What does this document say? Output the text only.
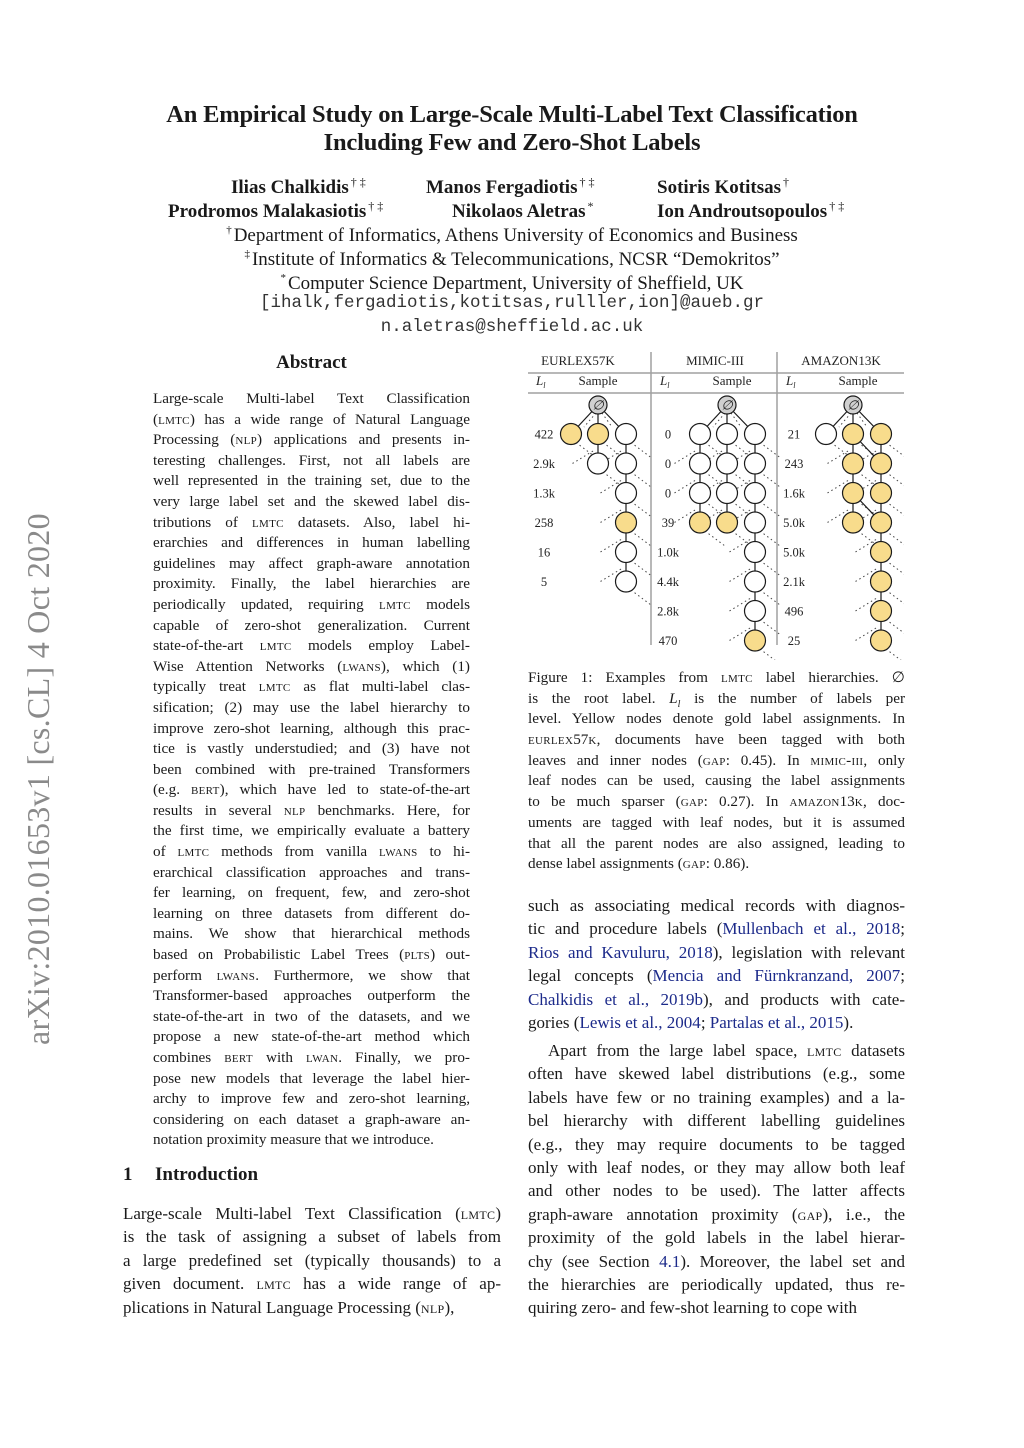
arXiv:2010.01653v1 [cs.CL] 4 Oct 2020
An Empirical Study on Large-Scale Multi-Label Text Classification
Including Few and Zero-Shot Labels
Ilias Chalkidis † ‡	Manos Fergadiotis † ‡	Sotiris Kotitsas †
Prodromos Malakasiotis † ‡	Nikolaos Aletras *	Ion Androutsopoulos † ‡
† Department of Informatics, Athens University of Economics and Business
‡ Institute of Informatics & Telecommunications, NCSR “Demokritos”
* Computer Science Department, University of Sheffield, UK
[ihalk,fergadiotis,kotitsas,rulller,ion]@aueb.gr
n.aletras@sheffield.ac.uk
Abstract
Large-scale Multi-label Text Classification
(lmtc) has a wide range of Natural Language
Processing (nlp) applications and presents in-
teresting challenges. First, not all labels are
well represented in the training set, due to the
very large label set and the skewed label dis-
tributions of lmtc datasets. Also, label hi-
erarchies and differences in human labelling
guidelines may affect graph-aware annotation
proximity. Finally, the label hierarchies are
periodically updated, requiring lmtc models
capable of zero-shot generalization. Current
state-of-the-art lmtc models employ Label-
Wise Attention Networks (lwans), which (1)
typically treat lmtc as flat multi-label clas-
sification; (2) may use the label hierarchy to
improve zero-shot learning, although this prac-
tice is vastly understudied; and (3) have not
been combined with pre-trained Transformers
(e.g. bert), which have led to state-of-the-art
results in several nlp benchmarks. Here, for
the first time, we empirically evaluate a battery
of lmtc methods from vanilla lwans to hi-
erarchical classification approaches and trans-
fer learning, on frequent, few, and zero-shot
learning on three datasets from different do-
mains. We show that hierarchical methods
based on Probabilistic Label Trees (plts) out-
perform lwans. Furthermore, we show that
Transformer-based approaches outperform the
state-of-the-art in two of the datasets, and we
propose a new state-of-the-art method which
combines bert with lwan. Finally, we pro-
pose new models that leverage the label hier-
archy to improve few and zero-shot learning,
considering on each dataset a graph-aware an-
notation proximity measure that we introduce.
1 Introduction
Large-scale Multi-label Text Classification (lmtc)
is the task of assigning a subset of labels from
a large predefined set (typically thousands) to a
given document. lmtc has a wide range of ap-
plications in Natural Language Processing (nlp),
EURLEX57K
$L_l$	Sample
422
2.9k
1.3k
258
16
5
∅
MIMIC-III
$L_l$	Sample
0
0
0
39
1.0k
4.4k
2.8k
470
∅
AMAZON13K
$L_l$	Sample
21
243
1.6k
5.0k
5.0k
2.1k
496
25
∅
Figure 1: Examples from lmtc label hierarchies. ∅
is the root label. $L_l$ is the number of labels per
level. Yellow nodes denote gold label assignments. In
eurlex57k, documents have been tagged with both
leaves and inner nodes (gap: 0.45). In mimic-iii, only
leaf nodes can be used, causing the label assignments
to be much sparser (gap: 0.27). In amazon13k, doc-
uments are tagged with leaf nodes, but it is assumed
that all the parent nodes are also assigned, leading to
dense label assignments (gap: 0.86).
such as associating medical records with diagnos-
tic and procedure labels (Mullenbach et al., 2018;
Rios and Kavuluru, 2018), legislation with relevant
legal concepts (Mencia and Fürnkranzand, 2007;
Chalkidis et al., 2019b), and products with cate-
gories (Lewis et al., 2004; Partalas et al., 2015).
Apart from the large label space, lmtc datasets
often have skewed label distributions (e.g., some
labels have few or no training examples) and a la-
bel hierarchy with different labelling guidelines
(e.g., they may require documents to be tagged
only with leaf nodes, or they may allow both leaf
and other nodes to be used). The latter affects
graph-aware annotation proximity (gap), i.e., the
proximity of the gold labels in the label hierar-
chy (see Section 4.1). Moreover, the label set and
the hierarchies are periodically updated, thus re-
quiring zero- and few-shot learning to cope with
